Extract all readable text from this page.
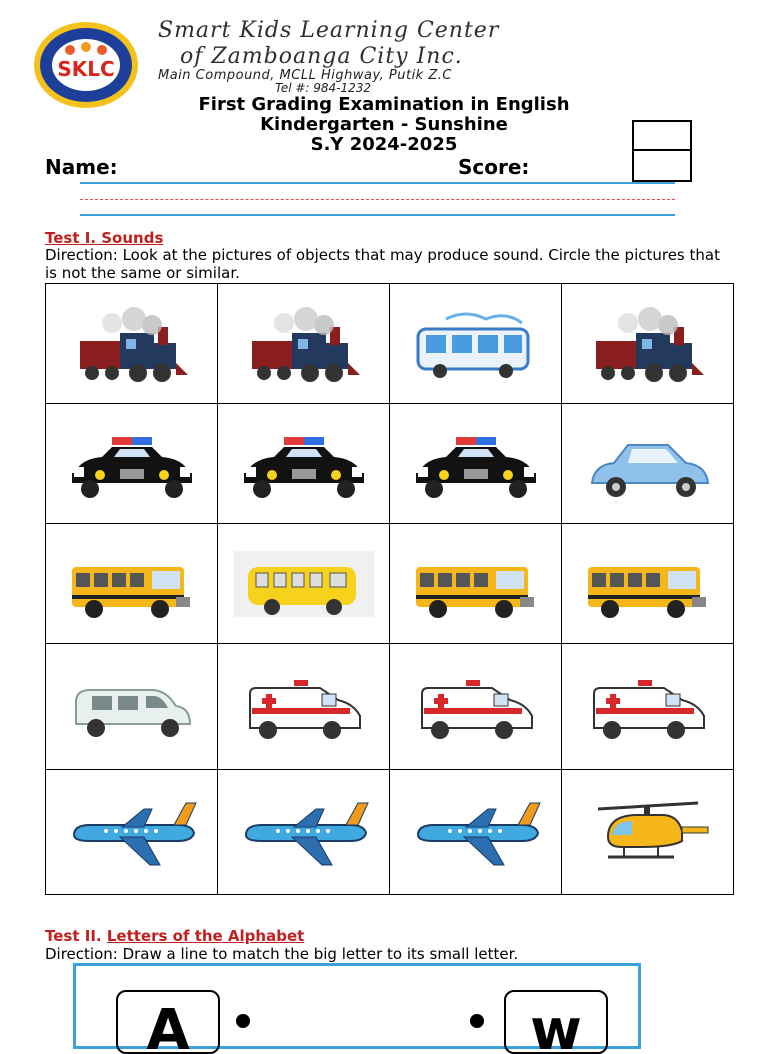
SKLC
Smart Kids Learning Center
of Zamboanga City Inc.
Main Compound, MCLL Highway, Putik Z.C
Tel #: 984-1232
First Grading Examination in English
Kindergarten - Sunshine
S.Y 2024-2025
Name:	Score:
Test I. Sounds
Direction: Look at the pictures of objects that may produce sound. Circle the pictures that is not the same or similar.

Test II. Letters of the Alphabet
Direction: Draw a line to match the big letter to its small letter.
A	w
